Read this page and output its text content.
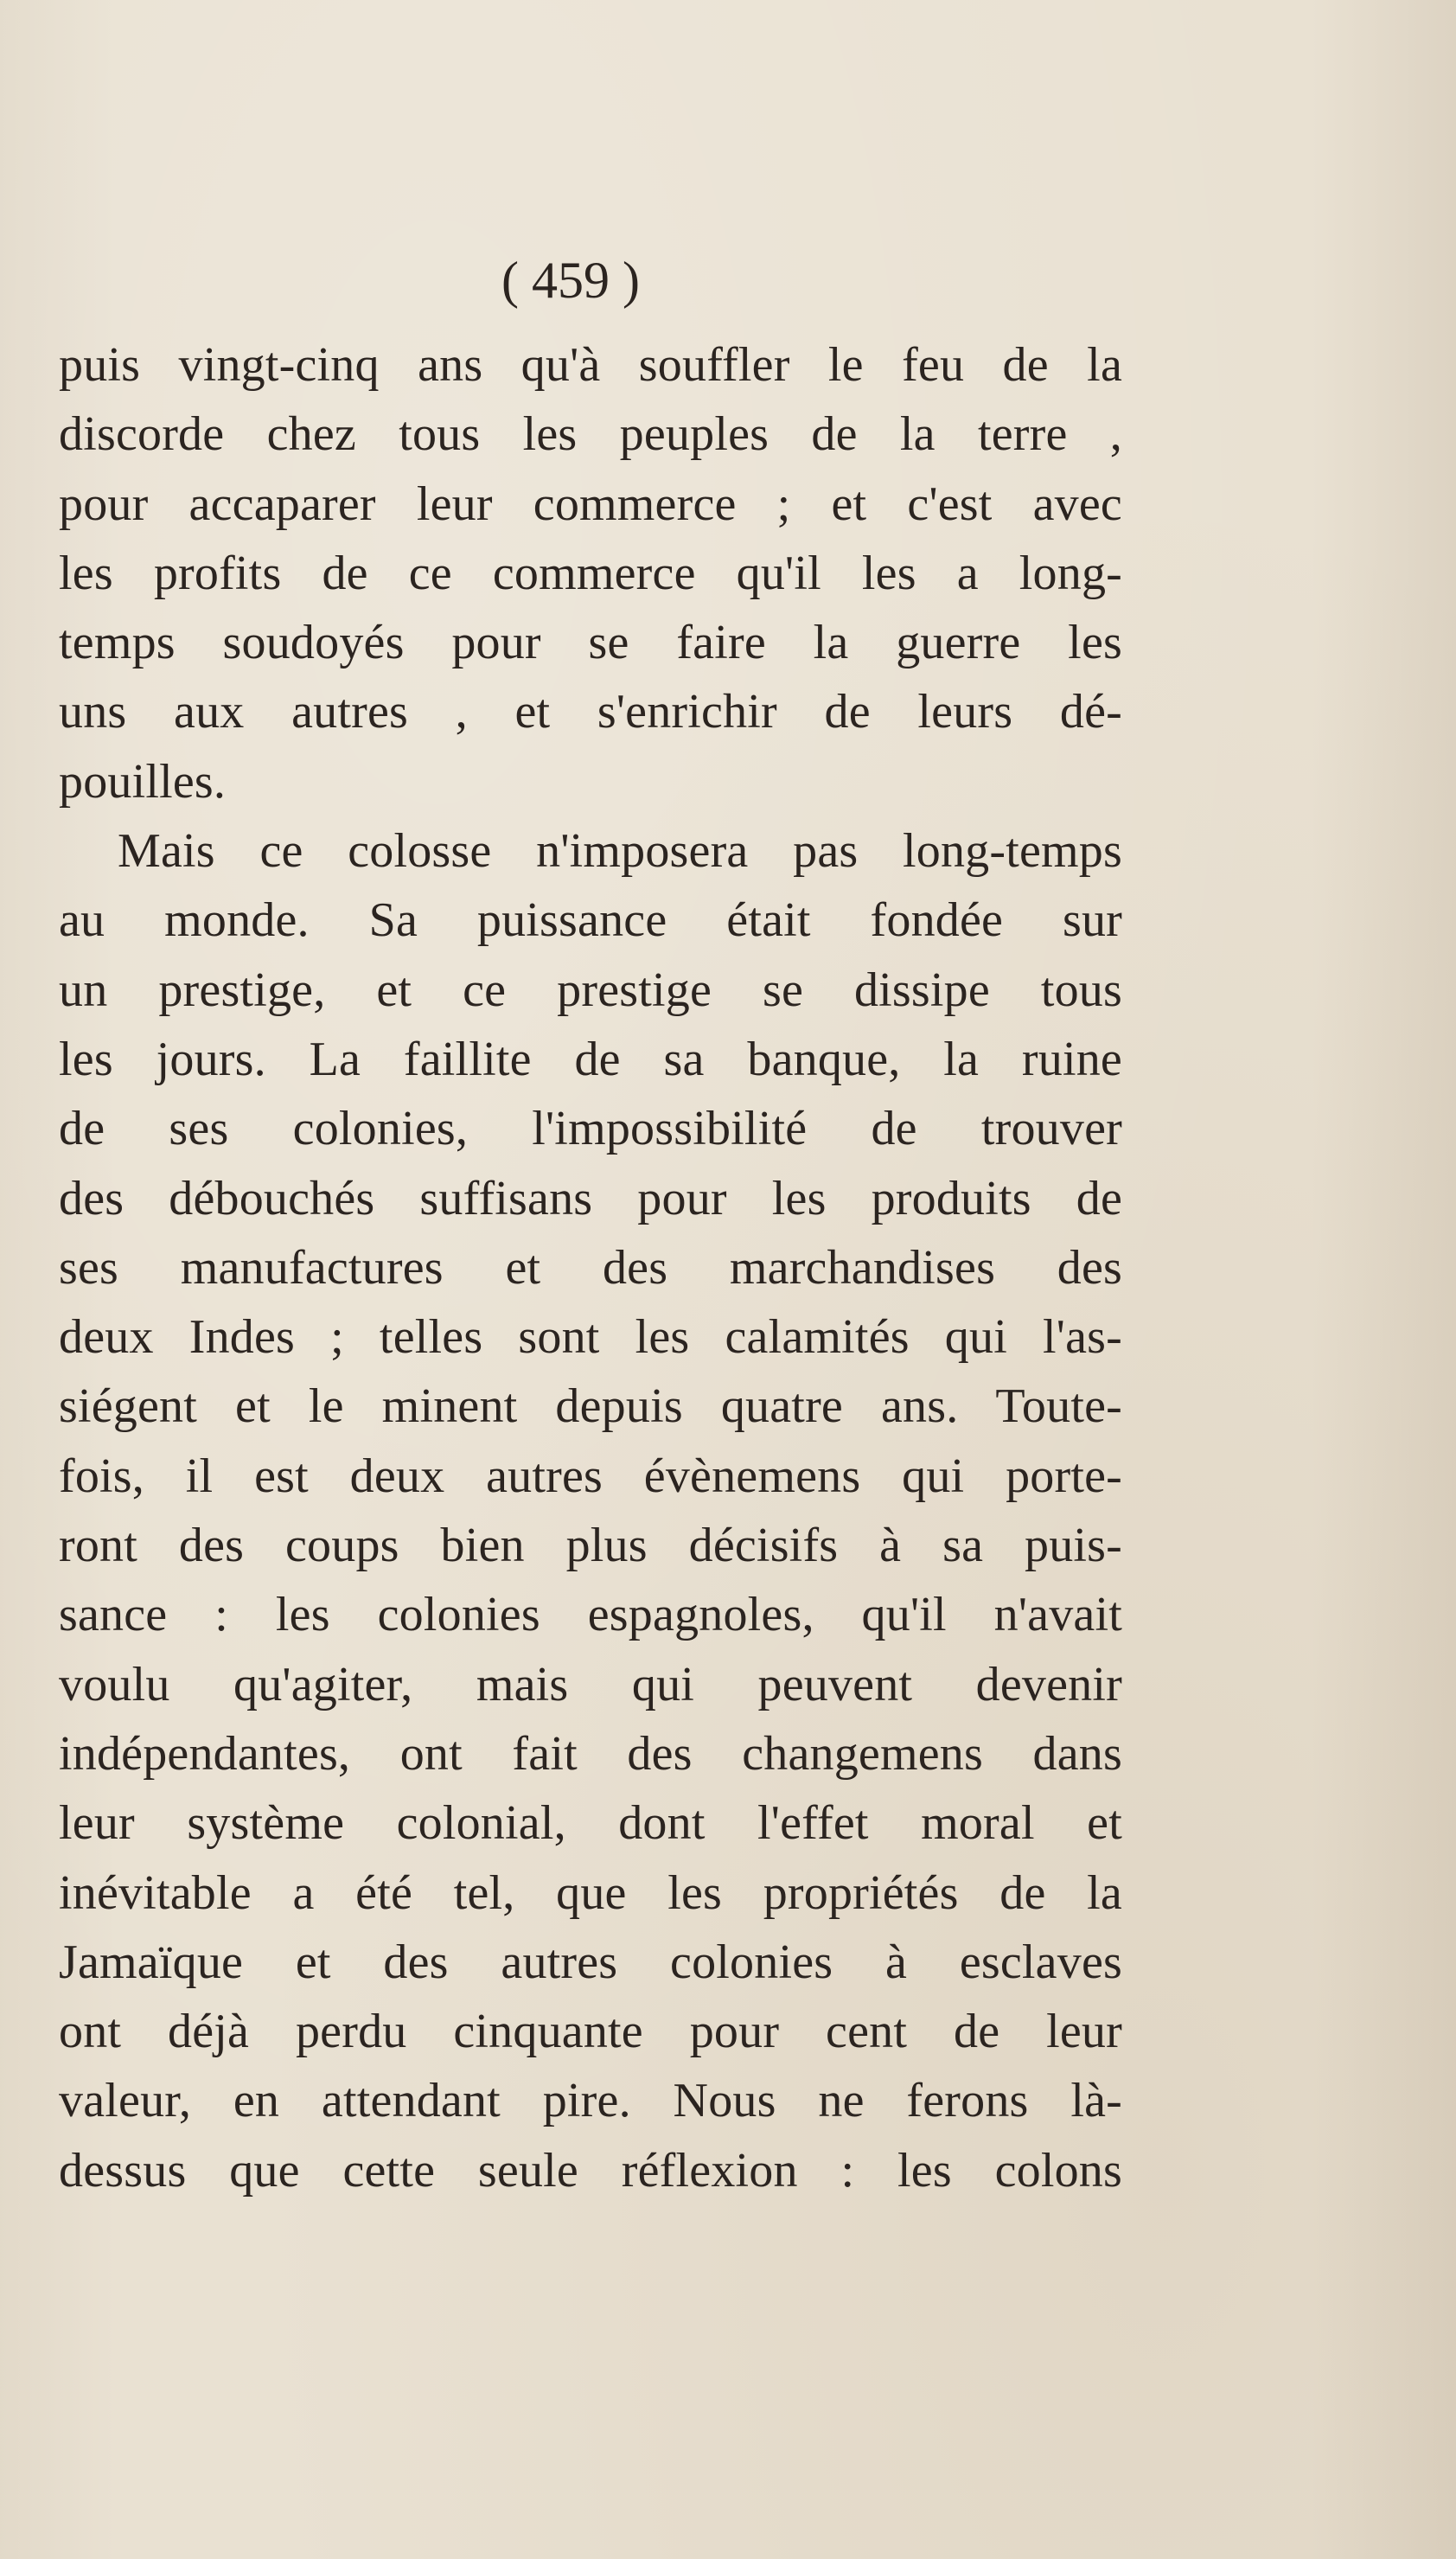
( 459 )
puis vingt-cinq ans qu'à souffler le feu de la
discorde chez tous les peuples de la terre ,
pour accaparer leur commerce ; et c'est avec
les profits de ce commerce qu'il les a long-
temps soudoyés pour se faire la guerre les
uns aux autres , et s'enrichir de leurs dé-
pouilles.
Mais ce colosse n'imposera pas long-temps
au monde. Sa puissance était fondée sur
un prestige, et ce prestige se dissipe tous
les jours. La faillite de sa banque, la ruine
de ses colonies, l'impossibilité de trouver
des débouchés suffisans pour les produits de
ses manufactures et des marchandises des
deux Indes ; telles sont les calamités qui l'as-
siégent et le minent depuis quatre ans. Toute-
fois, il est deux autres évènemens qui porte-
ront des coups bien plus décisifs à sa puis-
sance : les colonies espagnoles, qu'il n'avait
voulu qu'agiter, mais qui peuvent devenir
indépendantes, ont fait des changemens dans
leur système colonial, dont l'effet moral et
inévitable a été tel, que les propriétés de la
Jamaïque et des autres colonies à esclaves
ont déjà perdu cinquante pour cent de leur
valeur, en attendant pire. Nous ne ferons là-
dessus que cette seule réflexion : les colons
